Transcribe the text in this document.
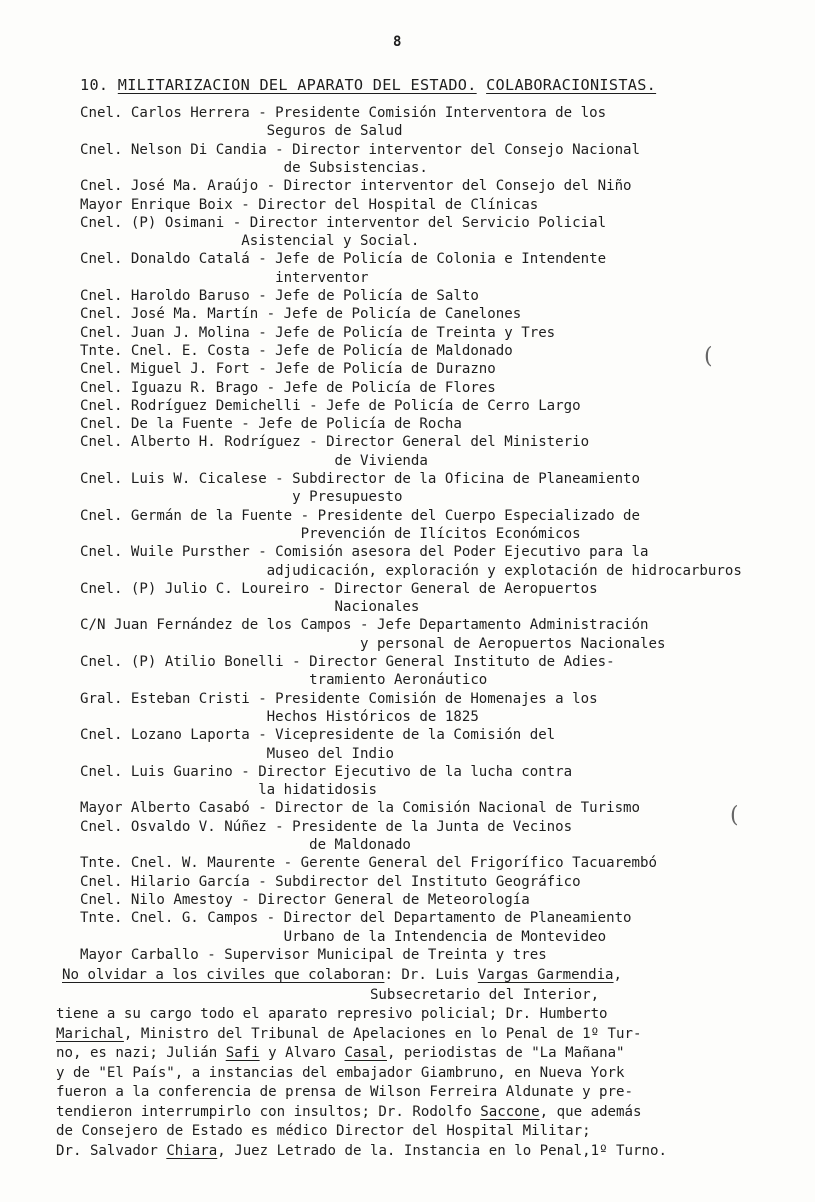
8
10. MILITARIZACION DEL APARATO DEL ESTADO. COLABORACIONISTAS.
Cnel. Carlos Herrera - Presidente Comisión Interventora de los
Seguros de Salud
Cnel. Nelson Di Candia - Director interventor del Consejo Nacional
de Subsistencias.
Cnel. José Ma. Araújo - Director interventor del Consejo del Niño
Mayor Enrique Boix - Director del Hospital de Clínicas
Cnel. (P) Osimani - Director interventor del Servicio Policial
Asistencial y Social.
Cnel. Donaldo Catalá - Jefe de Policía de Colonia e Intendente
interventor
Cnel. Haroldo Baruso - Jefe de Policía de Salto
Cnel. José Ma. Martín - Jefe de Policía de Canelones
Cnel. Juan J. Molina - Jefe de Policía de Treinta y Tres
Tnte. Cnel. E. Costa - Jefe de Policía de Maldonado
Cnel. Miguel J. Fort - Jefe de Policía de Durazno
Cnel. Iguazu R. Brago - Jefe de Policía de Flores
Cnel. Rodríguez Demichelli - Jefe de Policía de Cerro Largo
Cnel. De la Fuente - Jefe de Policía de Rocha
Cnel. Alberto H. Rodríguez - Director General del Ministerio
de Vivienda
Cnel. Luis W. Cicalese - Subdirector de la Oficina de Planeamiento
y Presupuesto
Cnel. Germán de la Fuente - Presidente del Cuerpo Especializado de
Prevención de Ilícitos Económicos
Cnel. Wuile Pursther - Comisión asesora del Poder Ejecutivo para la
adjudicación, exploración y explotación de hidrocarburos
Cnel. (P) Julio C. Loureiro - Director General de Aeropuertos
Nacionales
C/N Juan Fernández de los Campos - Jefe Departamento Administración
y personal de Aeropuertos Nacionales
Cnel. (P) Atilio Bonelli - Director General Instituto de Adies-
tramiento Aeronáutico
Gral. Esteban Cristi - Presidente Comisión de Homenajes a los
Hechos Históricos de 1825
Cnel. Lozano Laporta - Vicepresidente de la Comisión del
Museo del Indio
Cnel. Luis Guarino - Director Ejecutivo de la lucha contra
la hidatidosis
Mayor Alberto Casabó - Director de la Comisión Nacional de Turismo
Cnel. Osvaldo V. Núñez - Presidente de la Junta de Vecinos
de Maldonado
Tnte. Cnel. W. Maurente - Gerente General del Frigorífico Tacuarembó
Cnel. Hilario García - Subdirector del Instituto Geográfico
Cnel. Nilo Amestoy - Director General de Meteorología
Tnte. Cnel. G. Campos - Director del Departamento de Planeamiento
Urbano de la Intendencia de Montevideo
Mayor Carballo - Supervisor Municipal de Treinta y tres
No olvidar a los civiles que colaboran: Dr. Luis Vargas Garmendia,
Subsecretario del Interior,
tiene a su cargo todo el aparato represivo policial; Dr. Humberto
Marichal, Ministro del Tribunal de Apelaciones en lo Penal de 1º Tur-
no, es nazi; Julián Safi y Alvaro Casal, periodistas de "La Mañana"
y de "El País", a instancias del embajador Giambruno, en Nueva York
fueron a la conferencia de prensa de Wilson Ferreira Aldunate y pre-
tendieron interrumpirlo con insultos; Dr. Rodolfo Saccone, que además
de Consejero de Estado es médico Director del Hospital Militar;
Dr. Salvador Chiara, Juez Letrado de la. Instancia en lo Penal,1º Turno.
(
(
